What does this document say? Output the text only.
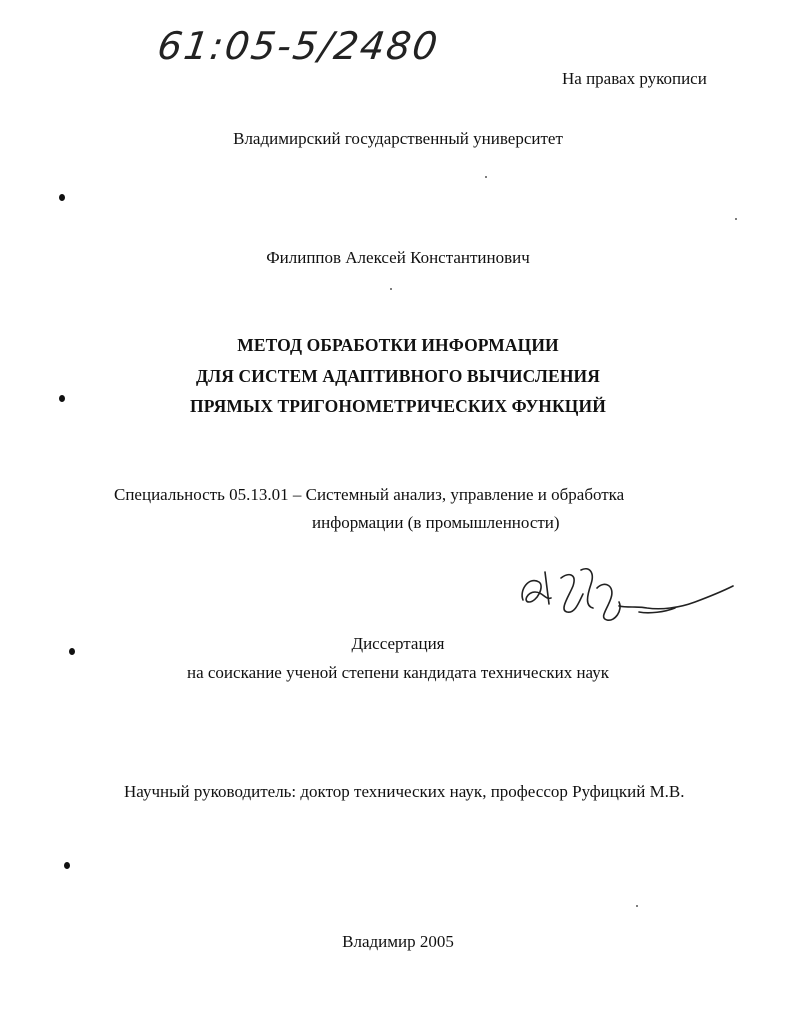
61:05-5/2480
На правах рукописи
Владимирский государственный университет
Филиппов Алексей Константинович
МЕТОД ОБРАБОТКИ ИНФОРМАЦИИ
ДЛЯ СИСТЕМ АДАПТИВНОГО ВЫЧИСЛЕНИЯ
ПРЯМЫХ ТРИГОНОМЕТРИЧЕСКИХ ФУНКЦИЙ
Специальность 05.13.01 – Системный анализ, управление и обработка
информации (в промышленности)
Диссертация
на соискание ученой степени кандидата технических наук
Научный руководитель: доктор технических наук, профессор Руфицкий М.В.
Владимир 2005
